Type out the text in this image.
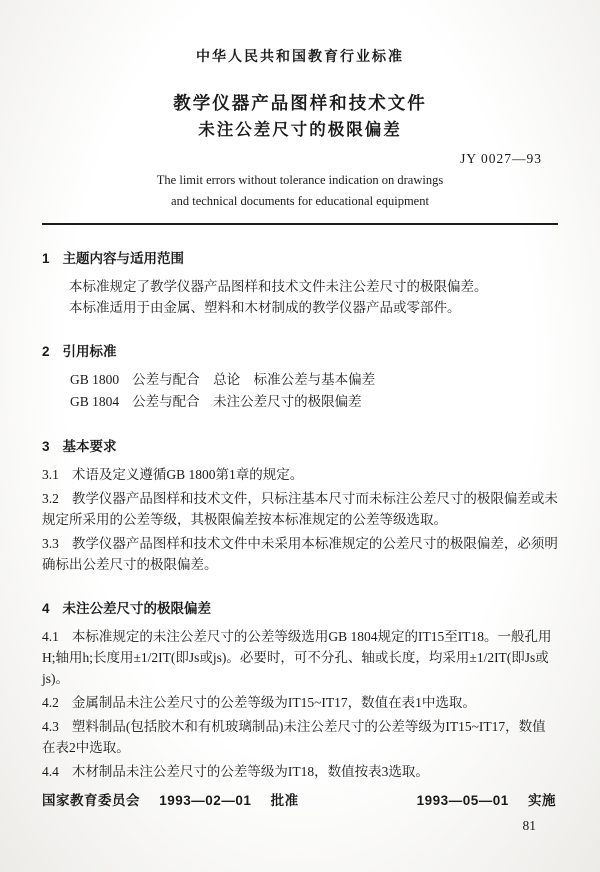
中华人民共和国教育行业标准
教学仪器产品图样和技术文件
未注公差尺寸的极限偏差
JY 0027—93
The limit errors without tolerance indication on drawings
and technical documents for educational equipment
1 主题内容与适用范围

本标准规定了教学仪器产品图样和技术文件未注公差尺寸的极限偏差。

本标准适用于由金属、塑料和木材制成的教学仪器产品或零部件。

2 引用标准

GB 1800 公差与配合　总论　标准公差与基本偏差

GB 1804 公差与配合　未注公差尺寸的极限偏差

3 基本要求

3.1 术语及定义遵循GB 1800第1章的规定。

3.2 教学仪器产品图样和技术文件，只标注基本尺寸而未标注公差尺寸的极限偏差或未规定所采用的公差等级，其极限偏差按本标准规定的公差等级选取。

3.3 教学仪器产品图样和技术文件中未采用本标准规定的公差尺寸的极限偏差，必须明确标出公差尺寸的极限偏差。

4 未注公差尺寸的极限偏差

4.1 本标准规定的未注公差尺寸的公差等级选用GB 1804规定的IT15至IT18。一般孔用H;轴用h;长度用±1/2IT(即Js或js)。必要时，可不分孔、轴或长度，均采用±1/2IT(即Js或js)。

4.2 金属制品未注公差尺寸的公差等级为IT15~IT17，数值在表1中选取。

4.3 塑料制品(包括胶木和有机玻璃制品)未注公差尺寸的公差等级为IT15~IT17，数值在表2中选取。

4.4 木材制品未注公差尺寸的公差等级为IT18，数值按表3选取。

国家教育委员会 1993—02—01 批准	1993—05—01 实施
81
